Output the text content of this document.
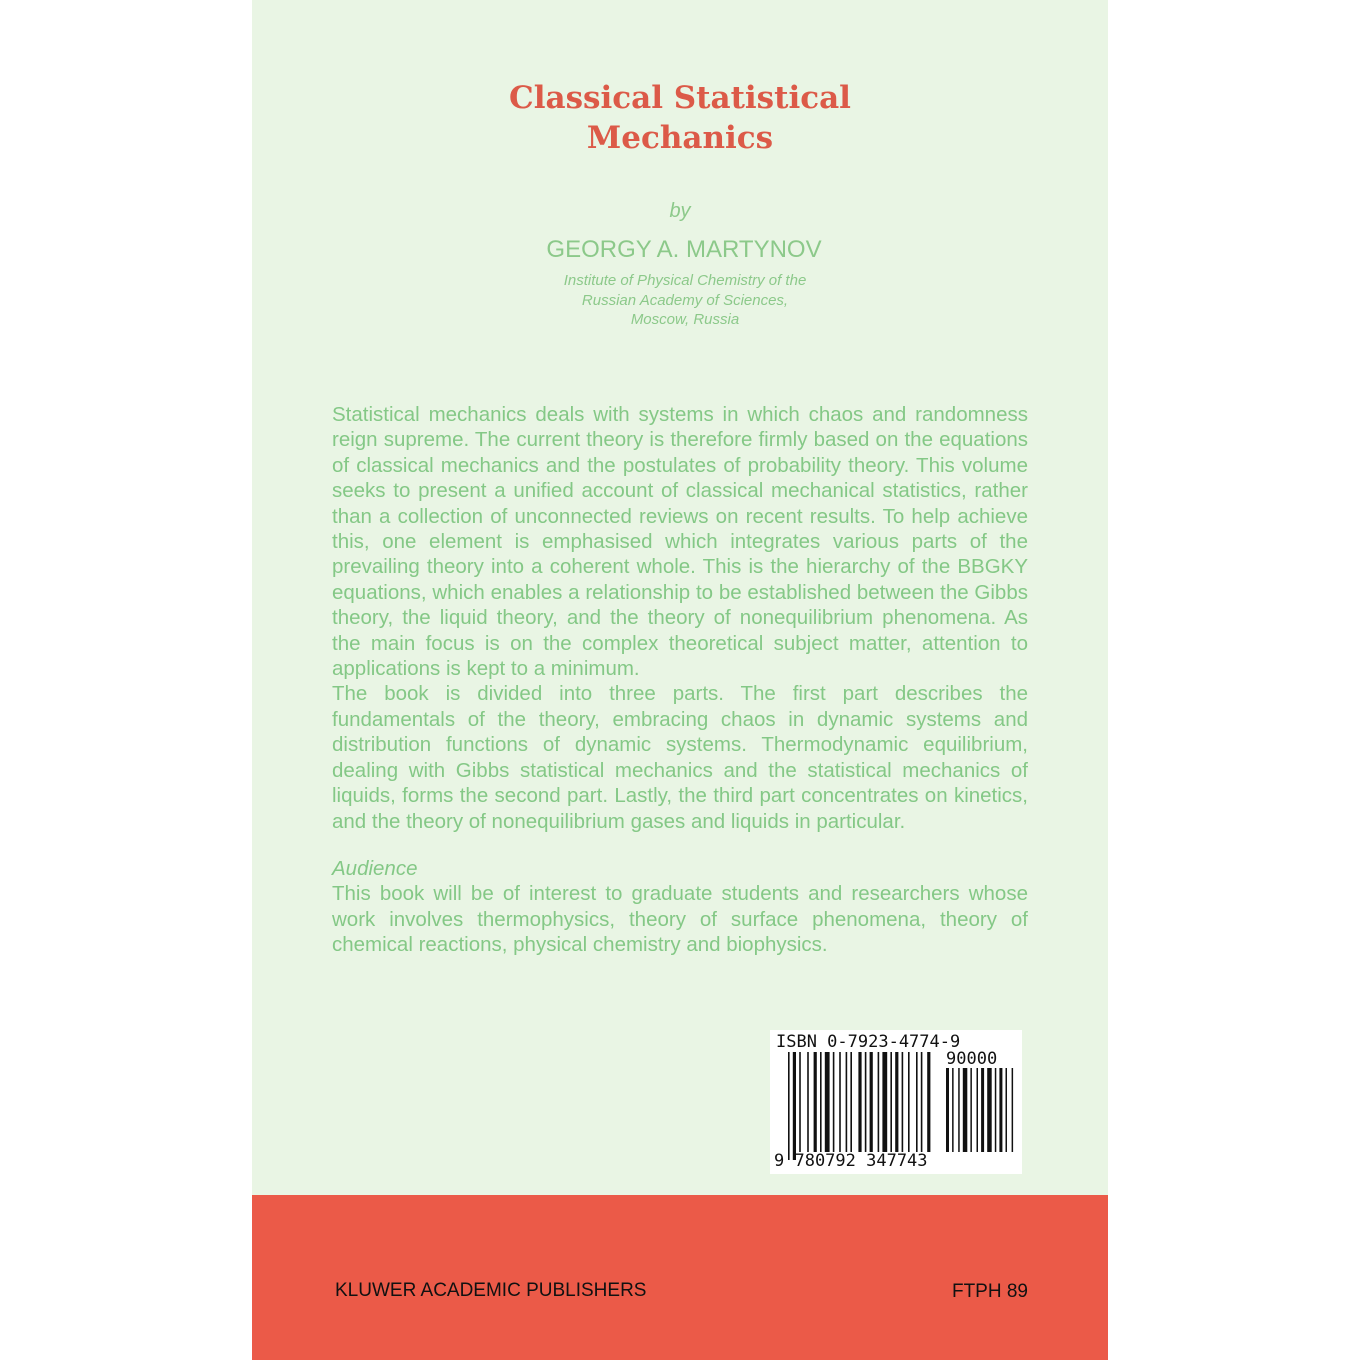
Classical Statistical
Mechanics
by
GEORGY A. MARTYNOV
Institute of Physical Chemistry of the
Russian Academy of Sciences,
Moscow, Russia

Statistical mechanics deals with systems in which chaos and randomness reign supreme. The current theory is therefore firmly based on the equations of classical mechanics and the postulates of probability theory. This volume seeks to present a unified account of classical mechanical statistics, rather than a collection of unconnected reviews on recent results. To help achieve this, one element is emphasised which integrates various parts of the prevailing theory into a coherent whole. This is the hierarchy of the BBGKY equations, which enables a relationship to be established between the Gibbs theory, the liquid theory, and the theory of nonequilibrium phenomena. As the main focus is on the complex theoretical subject matter, attention to applications is kept to a minimum.

The book is divided into three parts. The first part describes the fundamentals of the theory, embracing chaos in dynamic systems and distribution functions of dynamic systems. Thermodynamic equilibrium, dealing with Gibbs statistical mechanics and the statistical mechanics of liquids, forms the second part. Lastly, the third part concentrates on kinetics, and the theory of nonequilibrium gases and liquids in particular.

Audience

This book will be of interest to graduate students and researchers whose work involves thermophysics, theory of surface phenomena, theory of chemical reactions, physical chemistry and biophysics.

ISBN 0-7923-4774-9
90000
9 780792 347743
KLUWER ACADEMIC PUBLISHERS	FTPH 89
